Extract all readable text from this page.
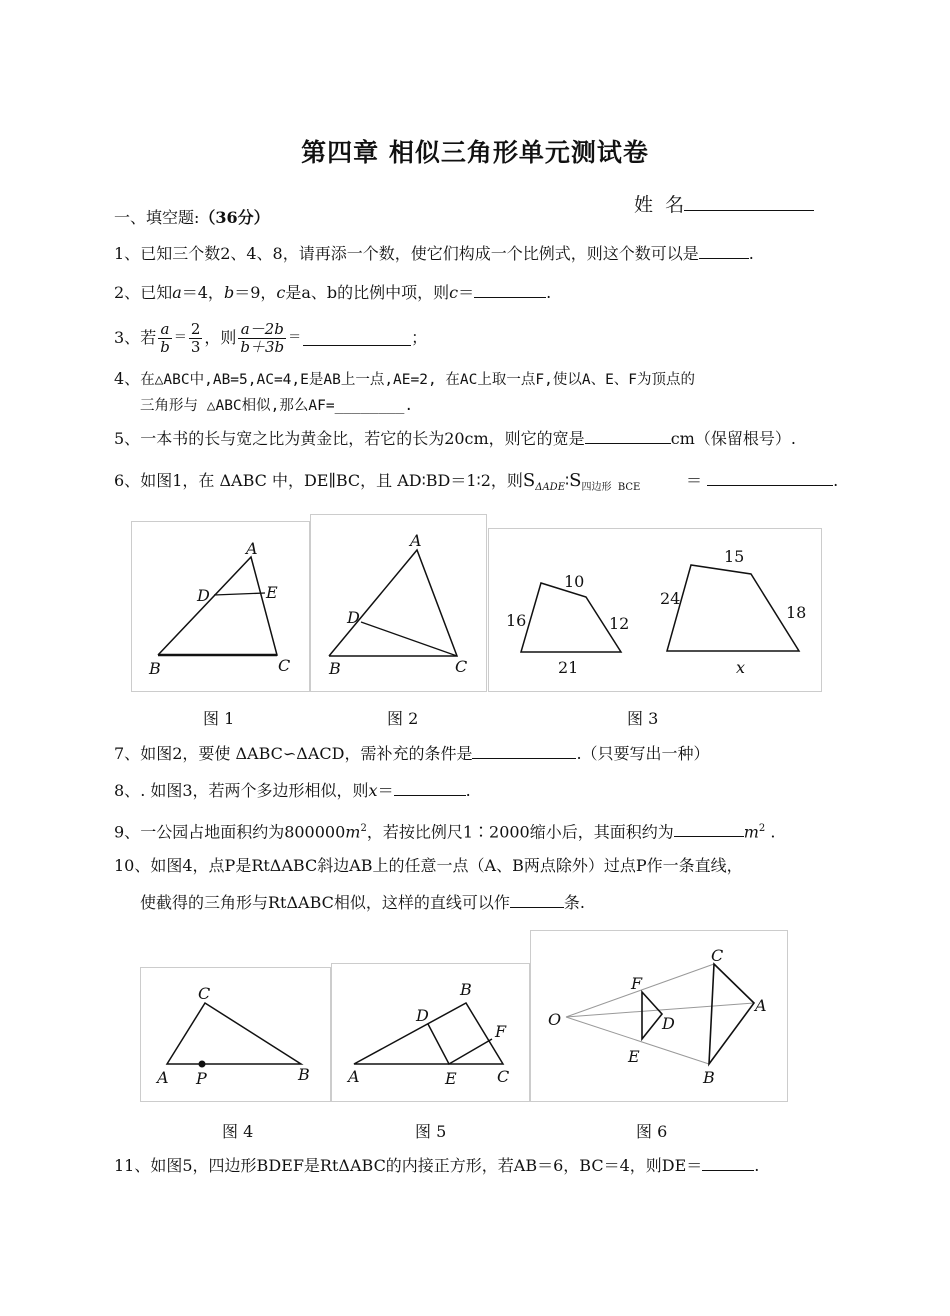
第四章 相似三角形单元测试卷
姓  名
一、填空题:（36分）
1、已知三个数2、4、8，请再添一个数，使它们构成一个比例式，则这个数可以是	.
2、已知a＝4，b＝9，c是a、b的比例中项，则c＝	.
3、 若 $\frac{a}{b} = \frac{2}{3}$ ，则 $\frac{a-2b}{b+3b}$ ＝	；
4、在△ABC中,AB=5,AC=4,E是AB上一点,AE=2, 在AC上取一点F,使以A、E、F为顶点的
三角形与 △ABC相似,那么AF=________.
5、一本书的长与宽之比为黄金比，若它的长为20cm，则它的宽是	cm（保留根号）.
6、如图1，在 ΔABC 中，DE∥BC，且 AD∶BD＝1∶2，则$S_{\Delta ADE}∶S_{四边形 BCE}$	＝	.
A
D	E
B	C
A
D
B	C
10
16	12
21
15
24
18
x
图 1	图 2	图 3
7、如图2，要使 ΔABC∽ΔACD，需补充的条件是	.（只要写出一种）
8、. 如图3，若两个多边形相似，则x＝	.
9、一公园占地面积约为$800000m^2$，若按比例尺1∶2000缩小后，其面积约为	$m^2$ .
10、如图4，点P是RtΔABC斜边AB上的任意一点（A、B两点除外）过点P作一条直线，
使截得的三角形与RtΔABC相似，这样的直线可以作	条.
C
A P	B
B
D
F
A	E	C
C
F
A
O	D
E
B
图 4	图 5	图 6
11、如图5，四边形BDEF是RtΔABC的内接正方形，若AB＝6，BC＝4，则DE＝	.
